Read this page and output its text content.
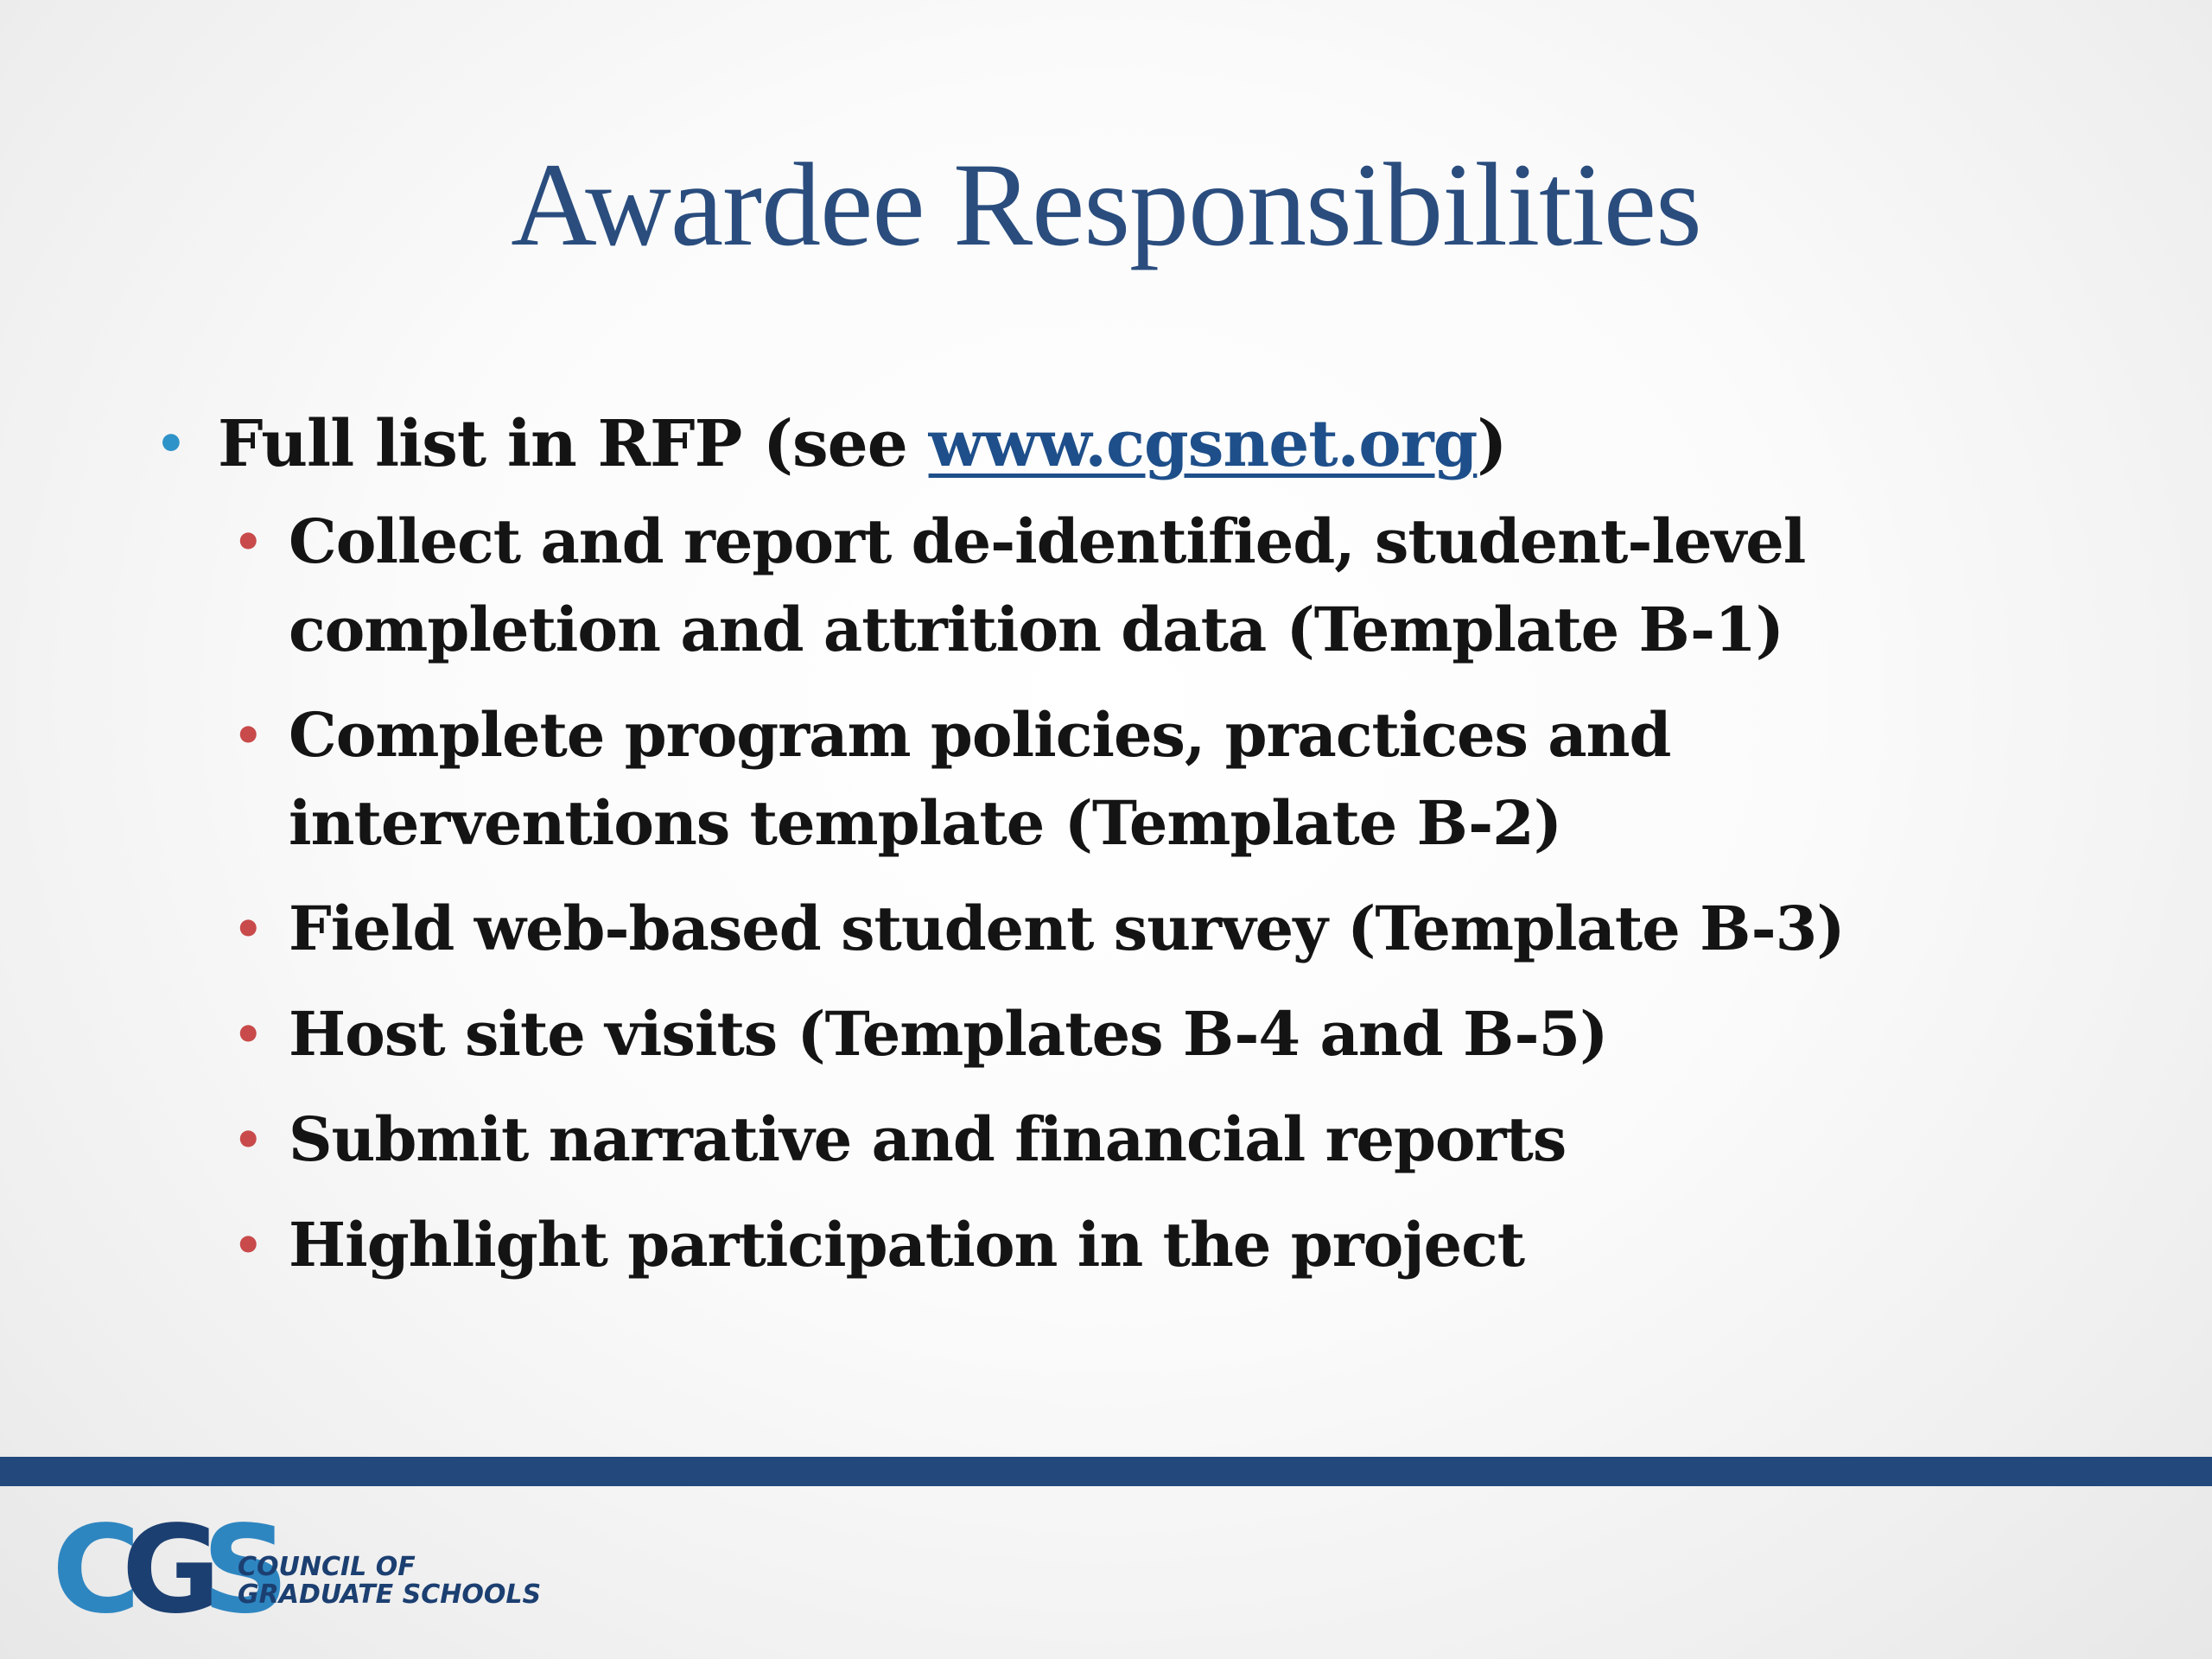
Awardee Responsibilities
• Full list in RFP (see www.cgsnet.org)
• Collect and report de-identified, student-level completion and attrition data (Template B-1)
• Complete program policies, practices and interventions template (Template B-2)
• Field web-based student survey (Template B-3)
• Host site visits (Templates B-4 and B-5)
• Submit narrative and financial reports
• Highlight participation in the project
CGS
COUNCIL OF
GRADUATE SCHOOLS
